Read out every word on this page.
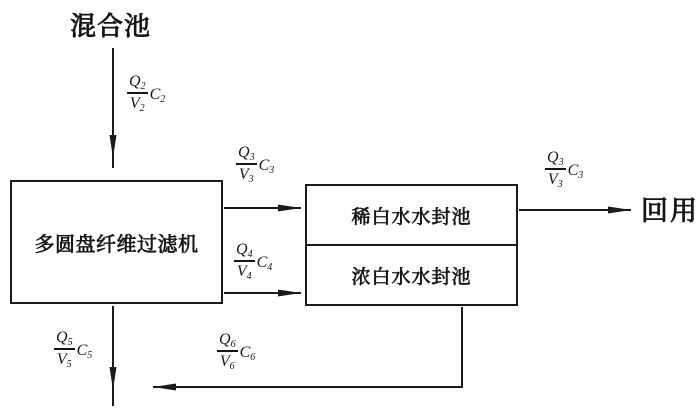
混合池
多圆盘纤维过滤机
稀白水水封池
浓白水水封池
回用
$\frac{Q_2}{V_2} C_2$
$\frac{Q_3}{V_3} C_3$
$\frac{Q_4}{V_4} C_4$
$\frac{Q_3}{V_3} C_3$
$\frac{Q_5}{V_5} C_5$	$\frac{Q_6}{V_6} C_6$
